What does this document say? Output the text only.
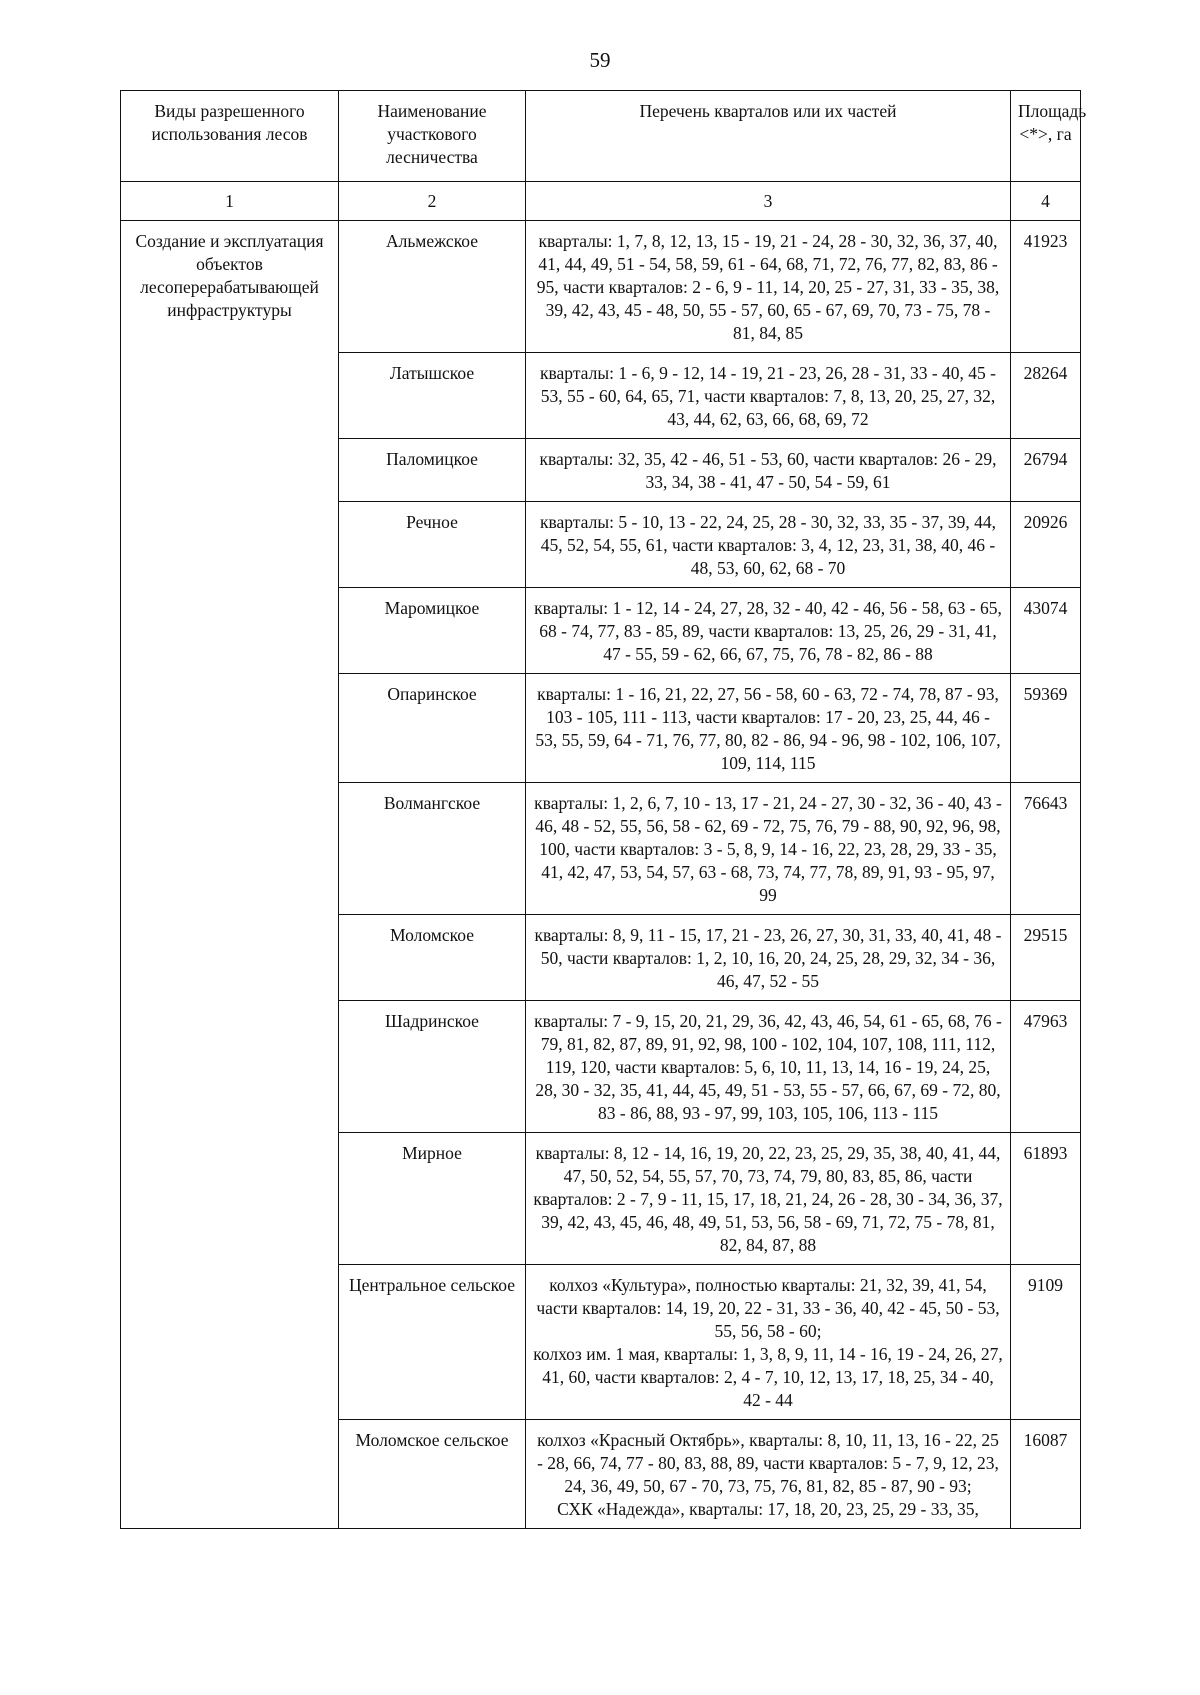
59
Виды разрешенного использования лесов	Наименование участкового лесничества	Перечень кварталов или их частей	Площадь <*>, га
1	2	3	4
Создание и эксплуатация объектов лесоперерабатывающей инфраструктуры	Альмежское	кварталы: 1, 7, 8, 12, 13, 15 - 19, 21 - 24, 28 - 30, 32, 36, 37, 40, 41, 44, 49, 51 - 54, 58, 59, 61 - 64, 68, 71, 72, 76, 77, 82, 83, 86 - 95, части кварталов: 2 - 6, 9 - 11, 14, 20, 25 - 27, 31, 33 - 35, 38, 39, 42, 43, 45 - 48, 50, 55 - 57, 60, 65 - 67, 69, 70, 73 - 75, 78 - 81, 84, 85	41923
	Латышское	кварталы: 1 - 6, 9 - 12, 14 - 19, 21 - 23, 26, 28 - 31, 33 - 40, 45 - 53, 55 - 60, 64, 65, 71, части кварталов: 7, 8, 13, 20, 25, 27, 32, 43, 44, 62, 63, 66, 68, 69, 72	28264
	Паломицкое	кварталы: 32, 35, 42 - 46, 51 - 53, 60, части кварталов: 26 - 29, 33, 34, 38 - 41, 47 - 50, 54 - 59, 61	26794
	Речное	кварталы: 5 - 10, 13 - 22, 24, 25, 28 - 30, 32, 33, 35 - 37, 39, 44, 45, 52, 54, 55, 61, части кварталов: 3, 4, 12, 23, 31, 38, 40, 46 - 48, 53, 60, 62, 68 - 70	20926
	Маромицкое	кварталы: 1 - 12, 14 - 24, 27, 28, 32 - 40, 42 - 46, 56 - 58, 63 - 65, 68 - 74, 77, 83 - 85, 89, части кварталов: 13, 25, 26, 29 - 31, 41, 47 - 55, 59 - 62, 66, 67, 75, 76, 78 - 82, 86 - 88	43074
	Опаринское	кварталы: 1 - 16, 21, 22, 27, 56 - 58, 60 - 63, 72 - 74, 78, 87 - 93, 103 - 105, 111 - 113, части кварталов: 17 - 20, 23, 25, 44, 46 - 53, 55, 59, 64 - 71, 76, 77, 80, 82 - 86, 94 - 96, 98 - 102, 106, 107, 109, 114, 115	59369
	Волмангское	кварталы: 1, 2, 6, 7, 10 - 13, 17 - 21, 24 - 27, 30 - 32, 36 - 40, 43 - 46, 48 - 52, 55, 56, 58 - 62, 69 - 72, 75, 76, 79 - 88, 90, 92, 96, 98, 100, части кварталов: 3 - 5, 8, 9, 14 - 16, 22, 23, 28, 29, 33 - 35, 41, 42, 47, 53, 54, 57, 63 - 68, 73, 74, 77, 78, 89, 91, 93 - 95, 97, 99	76643
	Моломское	кварталы: 8, 9, 11 - 15, 17, 21 - 23, 26, 27, 30, 31, 33, 40, 41, 48 - 50, части кварталов: 1, 2, 10, 16, 20, 24, 25, 28, 29, 32, 34 - 36, 46, 47, 52 - 55	29515
	Шадринское	кварталы: 7 - 9, 15, 20, 21, 29, 36, 42, 43, 46, 54, 61 - 65, 68, 76 - 79, 81, 82, 87, 89, 91, 92, 98, 100 - 102, 104, 107, 108, 111, 112, 119, 120, части кварталов: 5, 6, 10, 11, 13, 14, 16 - 19, 24, 25, 28, 30 - 32, 35, 41, 44, 45, 49, 51 - 53, 55 - 57, 66, 67, 69 - 72, 80, 83 - 86, 88, 93 - 97, 99, 103, 105, 106, 113 - 115	47963
	Мирное	кварталы: 8, 12 - 14, 16, 19, 20, 22, 23, 25, 29, 35, 38, 40, 41, 44, 47, 50, 52, 54, 55, 57, 70, 73, 74, 79, 80, 83, 85, 86, части кварталов: 2 - 7, 9 - 11, 15, 17, 18, 21, 24, 26 - 28, 30 - 34, 36, 37, 39, 42, 43, 45, 46, 48, 49, 51, 53, 56, 58 - 69, 71, 72, 75 - 78, 81, 82, 84, 87, 88	61893
	Центральное сельское	колхоз «Культура», полностью кварталы: 21, 32, 39, 41, 54, части кварталов: 14, 19, 20, 22 - 31, 33 - 36, 40, 42 - 45, 50 - 53, 55, 56, 58 - 60;
колхоз им. 1 мая, кварталы: 1, 3, 8, 9, 11, 14 - 16, 19 - 24, 26, 27, 41, 60, части кварталов: 2, 4 - 7, 10, 12, 13, 17, 18, 25, 34 - 40, 42 - 44	9109
	Моломское сельское	колхоз «Красный Октябрь», кварталы: 8, 10, 11, 13, 16 - 22, 25 - 28, 66, 74, 77 - 80, 83, 88, 89, части кварталов: 5 - 7, 9, 12, 23, 24, 36, 49, 50, 67 - 70, 73, 75, 76, 81, 82, 85 - 87, 90 - 93;
СХК «Надежда», кварталы: 17, 18, 20, 23, 25, 29 - 33, 35,	16087
